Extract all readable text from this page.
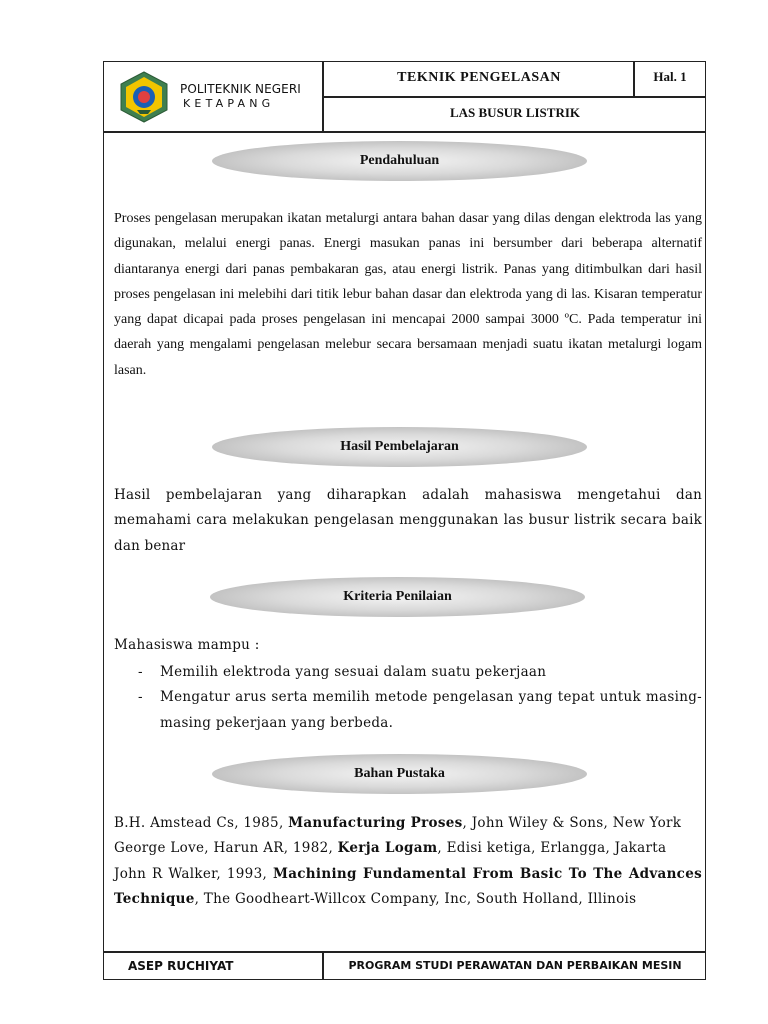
POLITEKNIK NEGERI
KETAPANG
TEKNIK PENGELASAN	Hal. 1
LAS BUSUR LISTRIK
Pendahuluan

Proses pengelasan merupakan ikatan metalurgi antara bahan dasar yang dilas dengan elektroda las yang digunakan, melalui energi panas. Energi masukan panas ini bersumber dari beberapa alternatif diantaranya energi dari panas pembakaran gas, atau energi listrik. Panas yang ditimbulkan dari hasil proses pengelasan ini melebihi dari titik lebur bahan dasar dan elektroda yang di las. Kisaran temperatur yang dapat dicapai pada proses pengelasan ini mencapai 2000 sampai 3000 ºC. Pada temperatur ini daerah yang mengalami pengelasan melebur secara bersamaan menjadi suatu ikatan metalurgi logam lasan.

Hasil Pembelajaran

Hasil pembelajaran yang diharapkan adalah mahasiswa mengetahui dan memahami cara melakukan pengelasan menggunakan las busur listrik secara baik dan benar

Kriteria Penilaian
Mahasiswa mampu :
- Memilih elektroda yang sesuai dalam suatu pekerjaan
- Mengatur arus serta memilih metode pengelasan yang tepat untuk masing-masing pekerjaan yang berbeda.
Bahan Pustaka
B.H. Amstead Cs, 1985, Manufacturing Proses, John Wiley & Sons, New York
George Love, Harun AR, 1982, Kerja Logam, Edisi ketiga, Erlangga, Jakarta
John R Walker, 1993, Machining Fundamental From Basic To The Advances Technique, The Goodheart-Willcox Company, Inc, South Holland, Illinois
ASEP RUCHIYAT	PROGRAM STUDI PERAWATAN DAN PERBAIKAN MESIN
